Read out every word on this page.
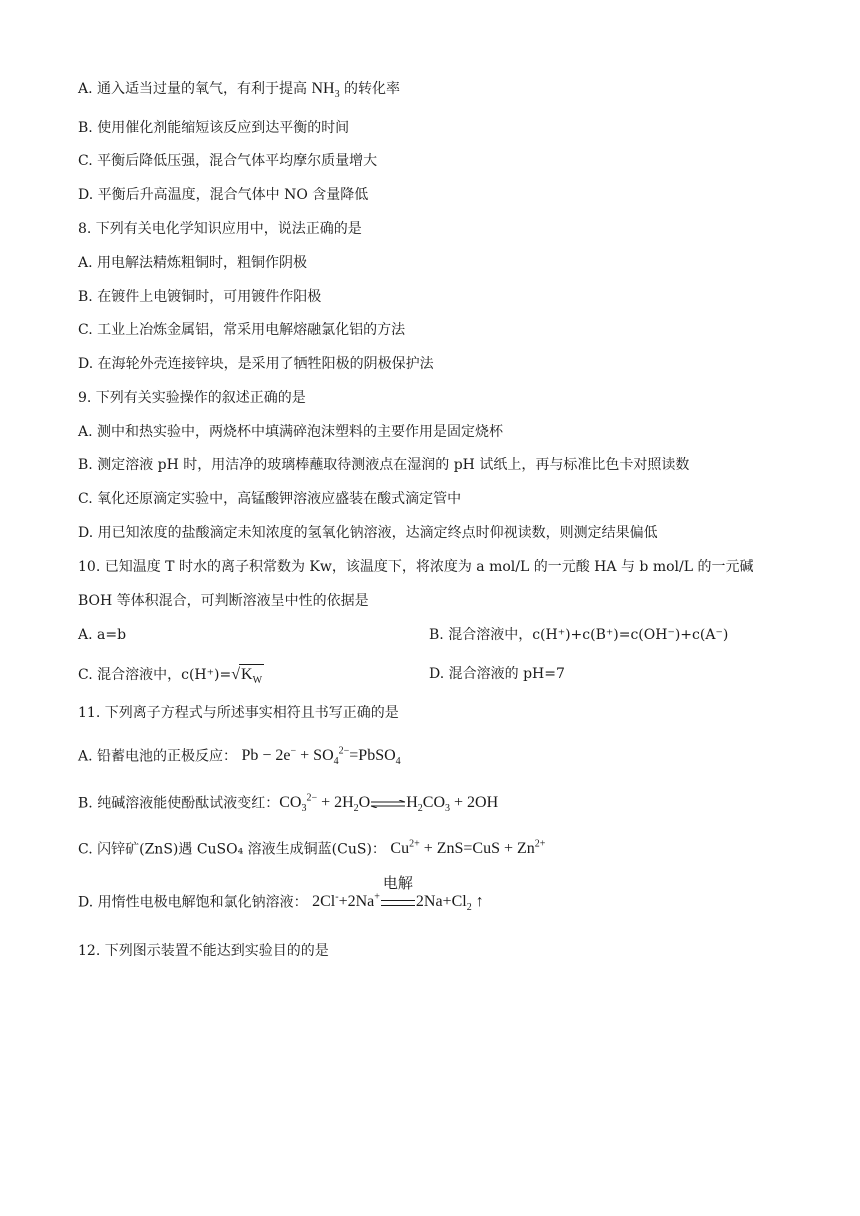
A. 通入适当过量的氧气，有利于提高 $NH_3$ 的转化率
B. 使用催化剂能缩短该反应到达平衡的时间
C. 平衡后降低压强，混合气体平均摩尔质量增大
D. 平衡后升高温度，混合气体中 NO 含量降低
8. 下列有关电化学知识应用中，说法正确的是
A. 用电解法精炼粗铜时，粗铜作阴极
B. 在镀件上电镀铜时，可用镀件作阳极
C. 工业上冶炼金属铝，常采用电解熔融氯化铝的方法
D. 在海轮外壳连接锌块，是采用了牺牲阳极的阴极保护法
9. 下列有关实验操作的叙述正确的是
A. 测中和热实验中，两烧杯中填满碎泡沫塑料的主要作用是固定烧杯
B. 测定溶液 pH 时，用洁净的玻璃棒蘸取待测液点在湿润的 pH 试纸上，再与标准比色卡对照读数
C. 氧化还原滴定实验中，高锰酸钾溶液应盛装在酸式滴定管中
D. 用已知浓度的盐酸滴定未知浓度的氢氧化钠溶液，达滴定终点时仰视读数，则测定结果偏低
10. 已知温度 T 时水的离子积常数为 Kw，该温度下，将浓度为 a mol/L 的一元酸 HA 与 b mol/L 的一元碱
BOH 等体积混合，可判断溶液呈中性的依据是
A. a=b	B. 混合溶液中，c(H⁺)+c(B⁺)=c(OH⁻)+c(A⁻)
C. 混合溶液中，$c(H^+)=√K_W$	D. 混合溶液的 pH=7
11. 下列离子方程式与所述事实相符且书写正确的是
A. 铅蓄电池的正极反应： $Pb - 2e^- + SO_4^{2-}=PbSO_4$
B. 纯碱溶液能使酚酞试液变红：$CO_3^{2-}$ + $2H_2O\rightleftharpoons H_2CO_3 + 2OH$
C. 闪锌矿(ZnS)遇 CuSO₄ 溶液生成铜蓝(CuS)： $Cu^{2+} + ZnS=CuS + Zn^{2+}$
D. 用惰性电极电解饱和氯化钠溶液： 2Cl-+2Na+
电解
$2Na+Cl_2$ ↑
12. 下列图示装置不能达到实验目的的是
